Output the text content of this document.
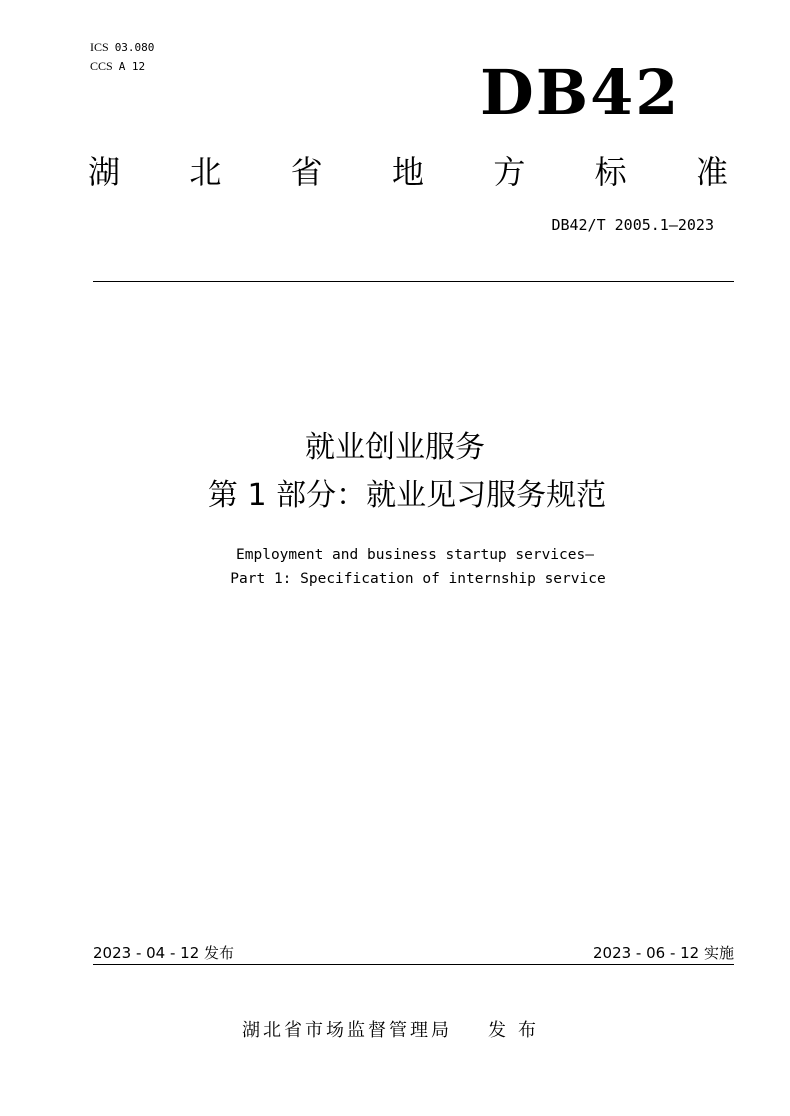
ICS 03.080
CCS A 12	DB42
湖 北 省 地 方 标 准
DB42/T 2005.1—2023
就业创业服务
第 1 部分：就业见习服务规范
Employment and business startup services—
Part 1: Specification of internship service
2023 - 04 - 12 发布	2023 - 06 - 12 实施
湖北省市场监督管理局 发布
